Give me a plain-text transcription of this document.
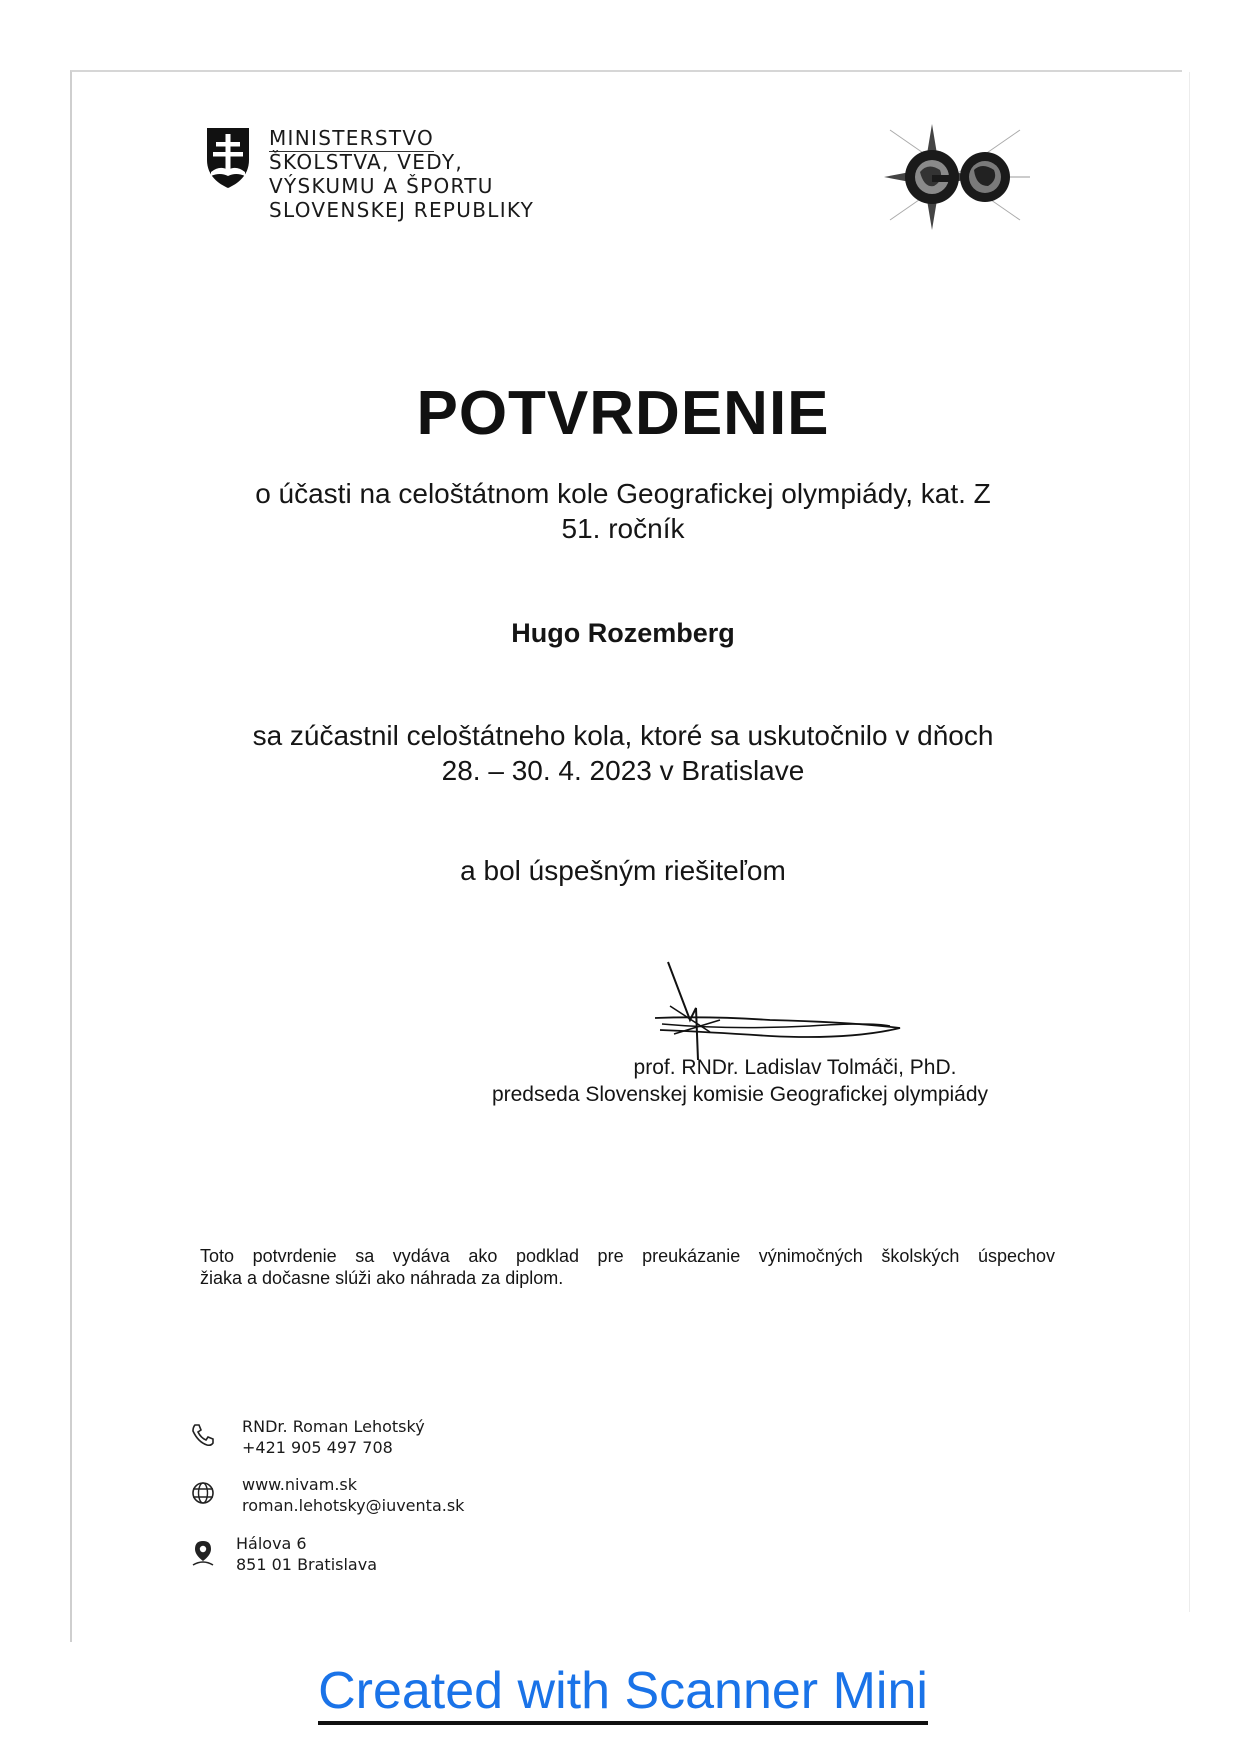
MINISTERSTVO
ŠKOLSTVA, VEDY,
VÝSKUMU A ŠPORTU
SLOVENSKEJ REPUBLIKY
POTVRDENIE
o účasti na celoštátnom kole Geografickej olympiády, kat. Z
51. ročník
Hugo Rozemberg
sa zúčastnil celoštátneho kola, ktoré sa uskutočnilo v dňoch
28. – 30. 4. 2023 v Bratislave
a bol úspešným riešiteľom
prof. RNDr. Ladislav Tolmáči, PhD.
predseda Slovenskej komisie Geografickej olympiády
Toto potvrdenie sa vydáva ako podklad pre preukázanie výnimočných školských úspechov
žiaka a dočasne slúži ako náhrada za diplom.
RNDr. Roman Lehotský
+421 905 497 708
www.nivam.sk
roman.lehotsky@iuventa.sk
Hálova 6
851 01 Bratislava
Created with Scanner Mini
